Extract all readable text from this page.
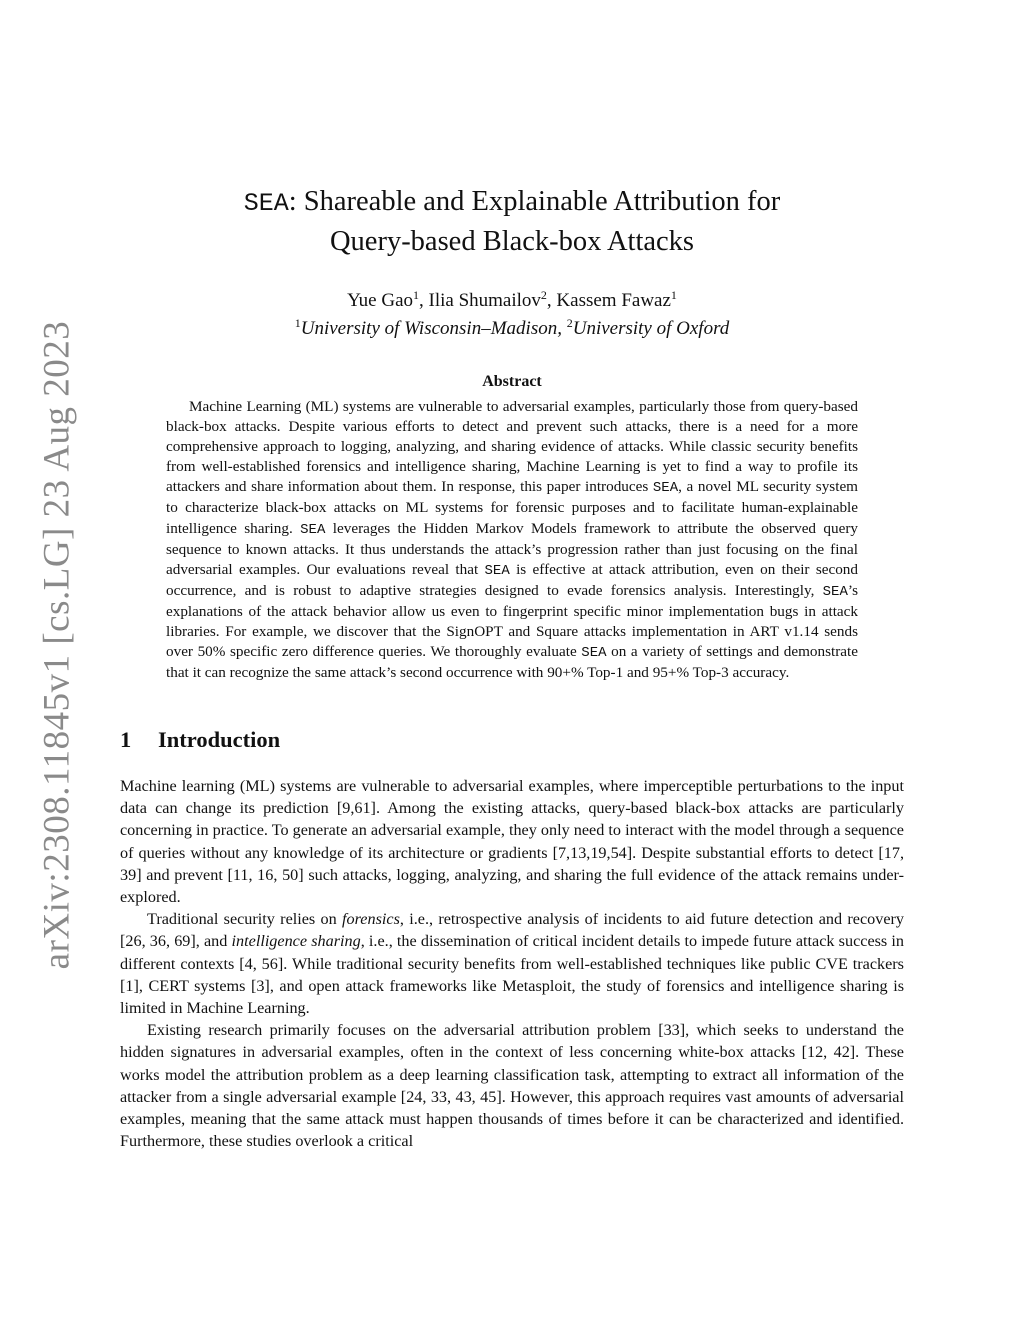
arXiv:2308.11845v1 [cs.LG] 23 Aug 2023
SEA: Shareable and Explainable Attribution for
Query-based Black-box Attacks
Yue Gao$^1$, Ilia Shumailov$^2$, Kassem Fawaz$^1$
$^1$University of Wisconsin–Madison, $^2$University of Oxford
Abstract

Machine Learning (ML) systems are vulnerable to adversarial examples, particularly those from query-based black-box attacks. Despite various efforts to detect and prevent such attacks, there is a need for a more comprehensive approach to logging, analyzing, and sharing evidence of attacks. While classic security benefits from well-established forensics and intelligence sharing, Machine Learning is yet to find a way to profile its attackers and share information about them. In response, this paper introduces SEA, a novel ML security system to characterize black-box attacks on ML systems for forensic purposes and to facilitate human-explainable intelligence sharing. SEA leverages the Hidden Markov Models framework to attribute the observed query sequence to known attacks. It thus understands the attack’s progression rather than just focusing on the final adversarial examples. Our evaluations reveal that SEA is effective at attack attribution, even on their second occurrence, and is robust to adaptive strategies designed to evade forensics analysis. Interestingly, SEA’s explanations of the attack behavior allow us even to fingerprint specific minor implementation bugs in attack libraries. For example, we discover that the SignOPT and Square attacks implementation in ART v1.14 sends over 50% specific zero difference queries. We thoroughly evaluate SEA on a variety of settings and demonstrate that it can recognize the same attack’s second occurrence with 90+% Top-1 and 95+% Top-3 accuracy.

1 Introduction

Machine learning (ML) systems are vulnerable to adversarial examples, where imperceptible perturbations to the input data can change its prediction [9,61]. Among the existing attacks, query-based black-box attacks are particularly concerning in practice. To generate an adversarial example, they only need to interact with the model through a sequence of queries without any knowledge of its architecture or gradients [7,13,19,54]. Despite substantial efforts to detect [17, 39] and prevent [11, 16, 50] such attacks, logging, analyzing, and sharing the full evidence of the attack remains under-explored.

Traditional security relies on forensics, i.e., retrospective analysis of incidents to aid future detection and recovery [26, 36, 69], and intelligence sharing, i.e., the dissemination of critical incident details to impede future attack success in different contexts [4, 56]. While traditional security benefits from well-established techniques like public CVE trackers [1], CERT systems [3], and open attack frameworks like Metasploit, the study of forensics and intelligence sharing is limited in Machine Learning.

Existing research primarily focuses on the adversarial attribution problem [33], which seeks to understand the hidden signatures in adversarial examples, often in the context of less concerning white-box attacks [12, 42]. These works model the attribution problem as a deep learning classification task, attempting to extract all information of the attacker from a single adversarial example [24, 33, 43, 45]. However, this approach requires vast amounts of adversarial examples, meaning that the same attack must happen thousands of times before it can be characterized and identified. Furthermore, these studies overlook a critical
